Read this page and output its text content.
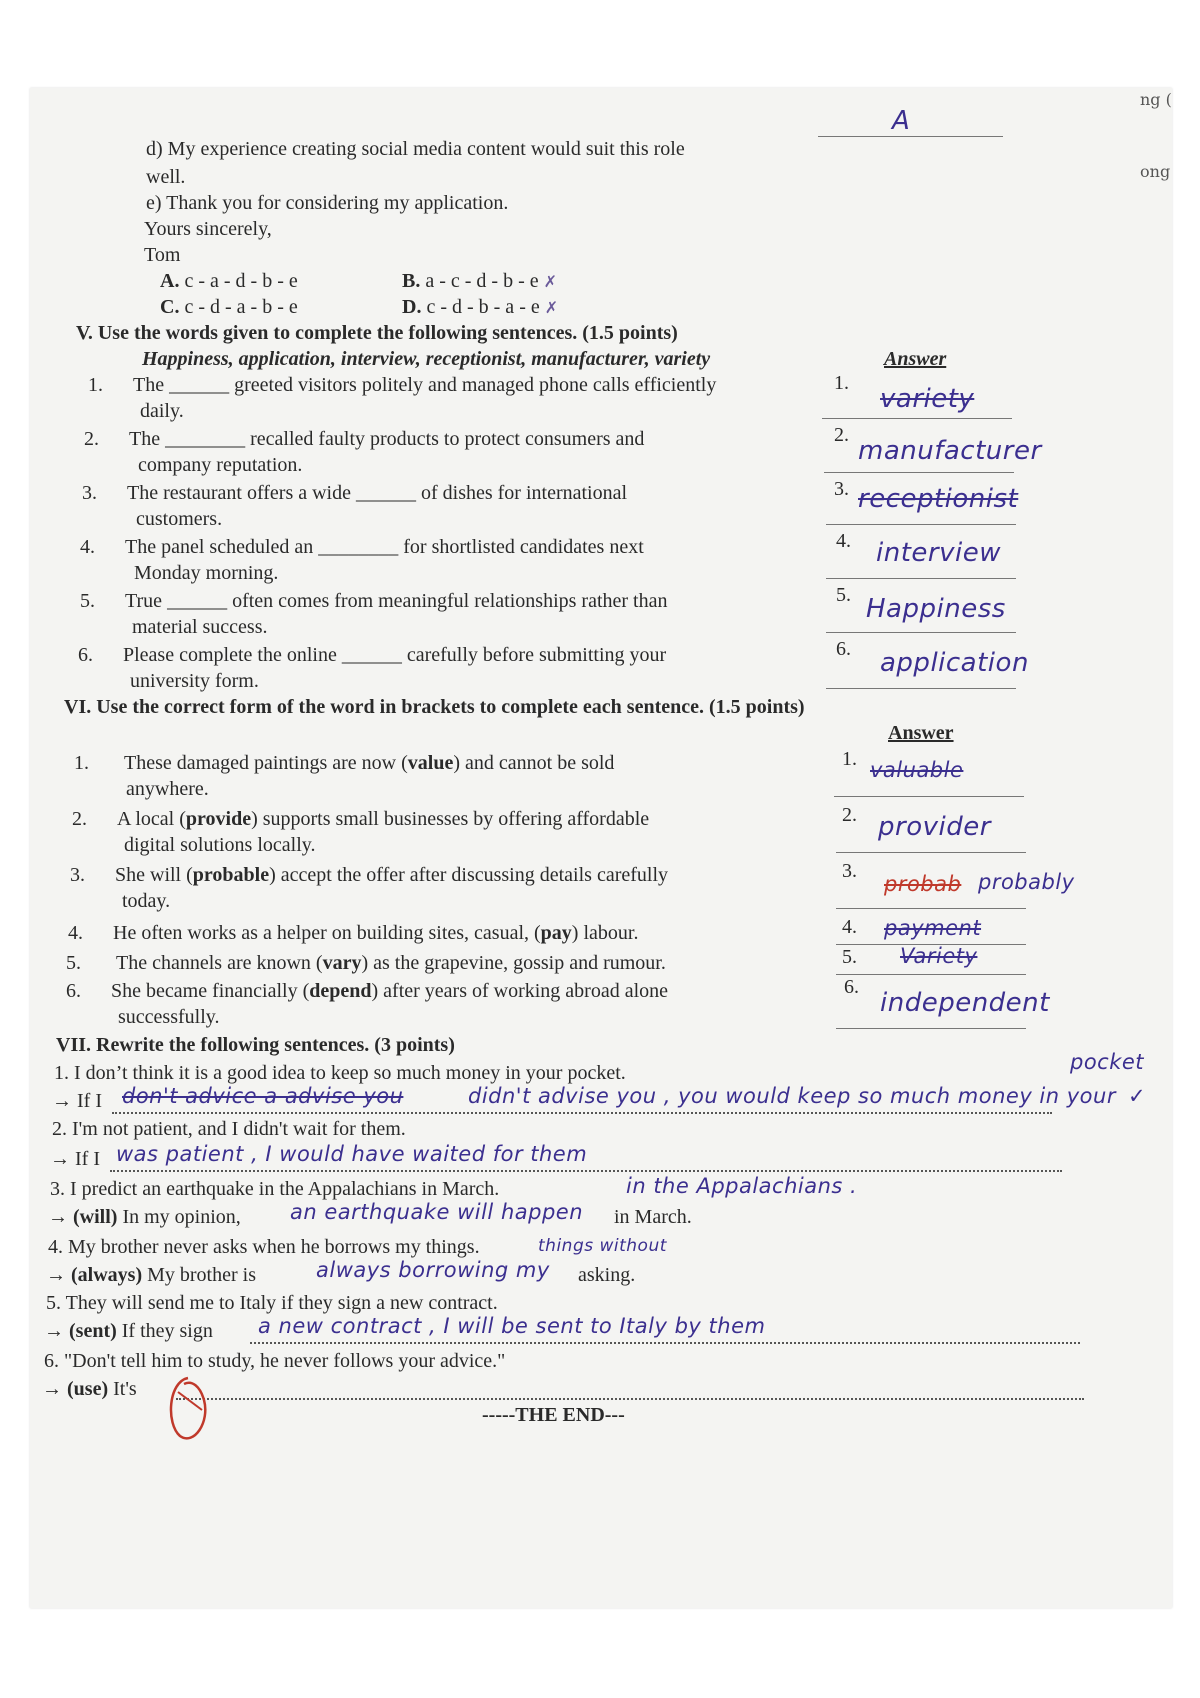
ng (
ong
A
d) My experience creating social media content would suit this role
well.
e) Thank you for considering my application.
Yours sincerely,
Tom
A. c - a - d - b - e	B. a - c - d - b - e ✗
C. c - d - a - b - e	D. c - d - b - a - e ✗
V. Use the words given to complete the following sentences. (1.5 points)
Happiness, application, interview, receptionist, manufacturer, variety	Answer
1. The ______ greeted visitors politely and managed phone calls efficiently
daily.
2. The ________ recalled faulty products to protect consumers and
company reputation.
3. The restaurant offers a wide ______ of dishes for international
customers.
4. The panel scheduled an ________ for shortlisted candidates next
Monday morning.
5. True ______ often comes from meaningful relationships rather than
material success.
6. Please complete the online ______ carefully before submitting your
university form.
1.
variety
2.
manufacturer
3. receptionist
4. interview
5. Happiness
6. application
VI. Use the correct form of the word in brackets to complete each sentence. (1.5 points)
Answer
1. These damaged paintings are now (value) and cannot be sold
anywhere.
2. A local (provide) supports small businesses by offering affordable
digital solutions locally.
3. She will (probable) accept the offer after discussing details carefully
today.
4. He often works as a helper on building sites, casual, (pay) labour.
5. The channels are known (vary) as the grapevine, gossip and rumour.
6. She became financially (depend) after years of working abroad alone
successfully.
1. valuable
2. provider
3.
probab probably
4. payment
5. Variety
6.
independent
VII. Rewrite the following sentences. (3 points)
1. I don’t think it is a good idea to keep so much money in your pocket.	pocket
→ If I don't advice a advise you	didn't advise you , you would keep so much money in your ✓
2. I'm not patient, and I didn't wait for them.
→ If I was patient , I would have waited for them
3. I predict an earthquake in the Appalachians in March.	in the Appalachians .
→ (will) In my opinion, an earthquake will happen in March.
4. My brother never asks when he borrows my things.	things without
→ (always) My brother is	always borrowing my asking.
5. They will send me to Italy if they sign a new contract.
→ (sent) If they sign a new contract , I will be sent to Italy by them
6. "Don't tell him to study, he never follows your advice."
→ (use) It's
-----THE END---
